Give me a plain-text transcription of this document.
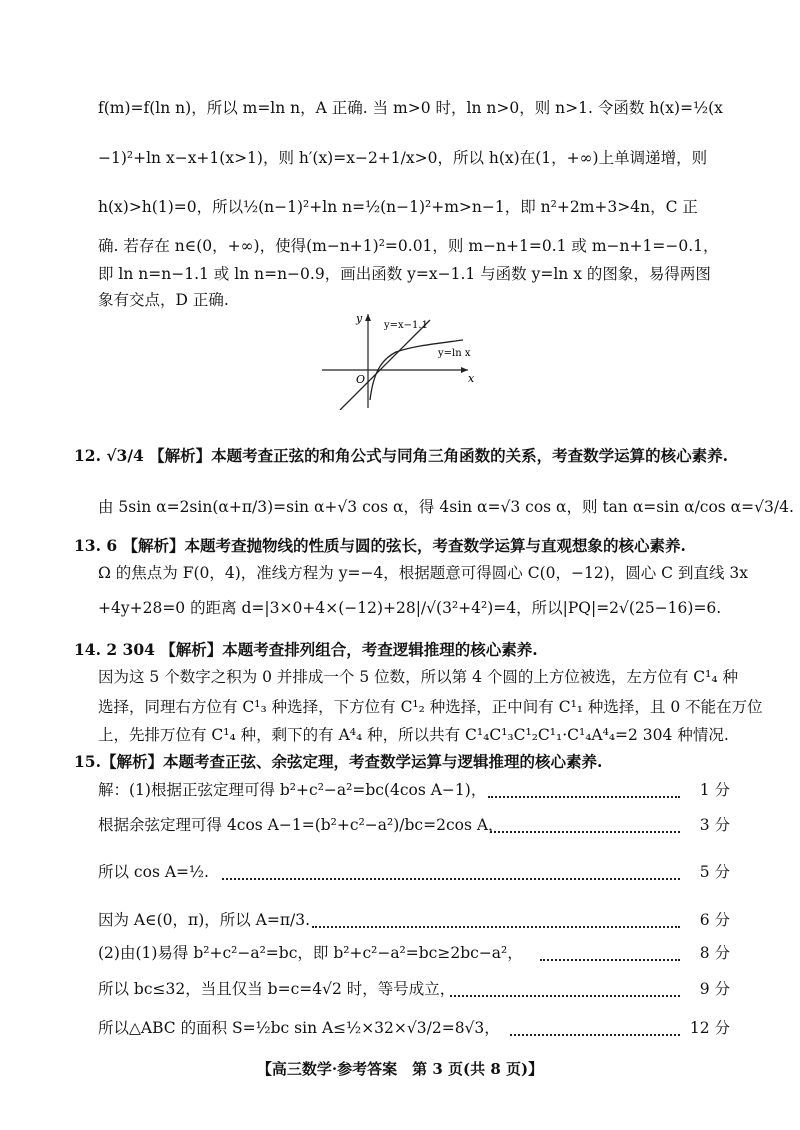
f(m)=f(ln n)，所以 m=ln n，A 正确. 当 m>0 时，ln n>0，则 n>1. 令函数 h(x)=½(x
−1)²+ln x−x+1(x>1)，则 h′(x)=x−2+1/x>0，所以 h(x)在(1，+∞)上单调递增，则
h(x)>h(1)=0，所以½(n−1)²+ln n=½(n−1)²+m>n−1，即 n²+2m+3>4n，C 正
确. 若存在 n∈(0，+∞)，使得(m−n+1)²=0.01，则 m−n+1=0.1 或 m−n+1=−0.1，
即 ln n=n−1.1 或 ln n=n−0.9，画出函数 y=x−1.1 与函数 y=ln x 的图象，易得两图
象有交点，D 正确.
y
x
O
y=x−1.1
y=ln x
12. √3/4 【解析】本题考查正弦的和角公式与同角三角函数的关系，考查数学运算的核心素养.
由 5sin α=2sin(α+π/3)=sin α+√3 cos α，得 4sin α=√3 cos α，则 tan α=sin α/cos α=√3/4.
13. 6 【解析】本题考查抛物线的性质与圆的弦长，考查数学运算与直观想象的核心素养.
Ω 的焦点为 F(0，4)，准线方程为 y=−4，根据题意可得圆心 C(0，−12)，圆心 C 到直线 3x
+4y+28=0 的距离 d=|3×0+4×(−12)+28|/√(3²+4²)=4，所以|PQ|=2√(25−16)=6.
14. 2 304 【解析】本题考查排列组合，考查逻辑推理的核心素养.
因为这 5 个数字之积为 0 并排成一个 5 位数，所以第 4 个圆的上方位被选，左方位有 C¹₄ 种
选择，同理右方位有 C¹₃ 种选择，下方位有 C¹₂ 种选择，正中间有 C¹₁ 种选择，且 0 不能在万位
上，先排万位有 C¹₄ 种，剩下的有 A⁴₄ 种，所以共有 C¹₄C¹₃C¹₂C¹₁·C¹₄A⁴₄=2 304 种情况.
15.【解析】本题考查正弦、余弦定理，考查数学运算与逻辑推理的核心素养.
解：(1)根据正弦定理可得 b²+c²−a²=bc(4cos A−1)，	1 分
根据余弦定理可得 4cos A−1=(b²+c²−a²)/bc=2cos A，	3 分
所以 cos A=½.	5 分
因为 A∈(0，π)，所以 A=π/3.	6 分
(2)由(1)易得 b²+c²−a²=bc，即 b²+c²−a²=bc≥2bc−a²，	8 分
所以 bc≤32，当且仅当 b=c=4√2 时，等号成立，	9 分
所以△ABC 的面积 S=½bc sin A≤½×32×√3/2=8√3，	12 分
【高三数学·参考答案　第 3 页(共 8 页)】
